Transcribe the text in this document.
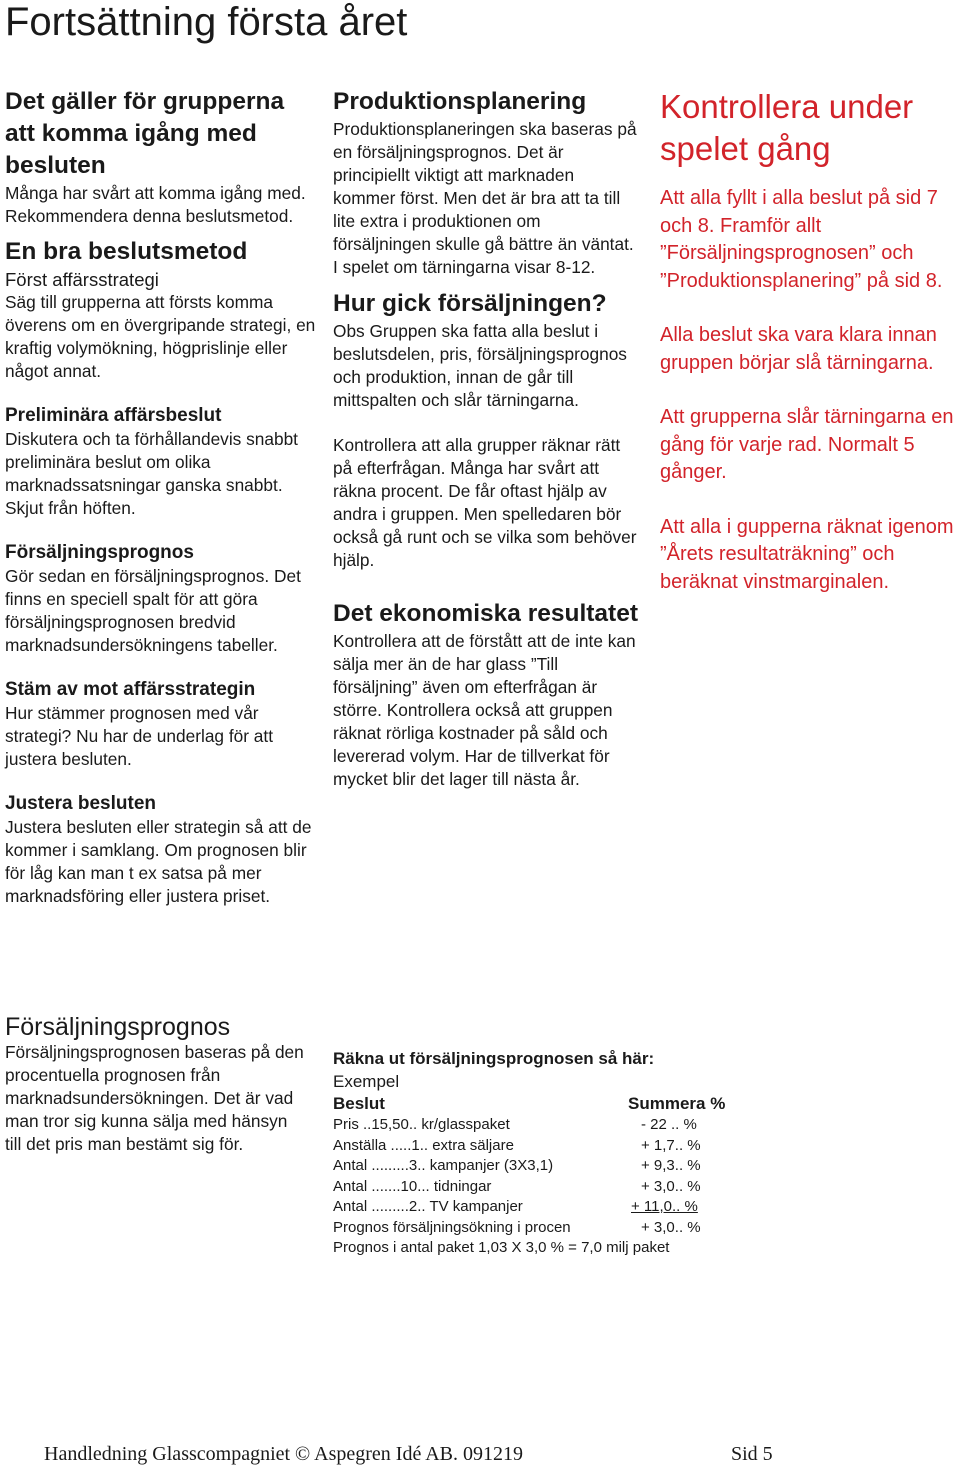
Fortsättning första året
Det gäller för grupperna att komma igång med besluten

Många har svårt att komma igång med. Rekommendera denna beslutsmetod.

En bra beslutsmetod
Först affärsstrategi

Säg till grupperna att försts komma överens om en övergripande strategi, en kraftig volymökning, högprislinje eller något annat.

Preliminära affärsbeslut

Diskutera och ta förhållandevis snabbt preliminära beslut om olika marknadssatsningar ganska snabbt. Skjut från höften.

Försäljningsprognos

Gör sedan en försäljningsprognos. Det finns en speciell spalt för att göra försäljningsprognosen bredvid marknadsundersökningens tabeller.

Stäm av mot affärsstrategin

Hur stämmer prognosen med vår strategi? Nu har de underlag för att justera besluten.

Justera besluten

Justera besluten eller strategin så att de kommer i samklang. Om prognosen blir för låg kan man t ex satsa på mer marknadsföring eller justera priset.

Produktionsplanering

Produktionsplaneringen ska baseras på en försäljningsprognos. Det är principiellt viktigt att marknaden kommer först. Men det är bra att ta till lite extra i produktionen om försäljningen skulle gå bättre än väntat. I spelet om tärningarna visar 8-12.

Hur gick försäljningen?

Obs Gruppen ska fatta alla beslut i beslutsdelen, pris, försäljningsprognos och produktion, innan de går till mittspalten och slår tärningarna.

Kontrollera att alla grupper räknar rätt på efterfrågan. Många har svårt att räkna procent. De får oftast hjälp av andra i gruppen. Men spelledaren bör också gå runt och se vilka som behöver hjälp.

Det ekonomiska resultatet

Kontrollera att de förstått att de inte kan sälja mer än de har glass ”Till försäljning” även om efterfrågan är större. Kontrollera också att gruppen räknat rörliga kostnader på såld och levererad volym. Har de tillverkat för mycket blir det lager till nästa år.

Kontrollera under spelet gång

Att alla fyllt i alla beslut på sid 7 och 8. Framför allt ”Försäljningsprognosen” och ”Produktionsplanering” på sid 8.

Alla beslut ska vara klara innan gruppen börjar slå tärningarna.

Att grupperna slår tärningarna en gång för varje rad. Normalt 5 gånger.

Att alla i gupperna räknat igenom ”Årets resultaträkning” och beräknat vinstmarginalen.

Försäljningsprognos

Försäljningsprognosen baseras på den procentuella prognosen från marknadsundersökningen. Det är vad man tror sig kunna sälja med hänsyn till det pris man bestämt sig för.

Räkna ut försäljningsprognosen så här:
Exempel
Beslut	Summera %
Pris ..15,50.. kr/glasspaket	- 22 .. %
Anställa .....1.. extra säljare	+ 1,7.. %
Antal .........3.. kampanjer (3X3,1)	+ 9,3.. %
Antal .......10... tidningar	+ 3,0.. %
Antal .........2.. TV kampanjer	+ 11,0.. %
Prognos försäljningsökning i procen	+ 3,0.. %
Prognos i antal paket 1,03 X 3,0 % = 7,0 milj paket	
Handledning Glasscompagniet © Aspegren Idé AB. 091219	Sid 5
